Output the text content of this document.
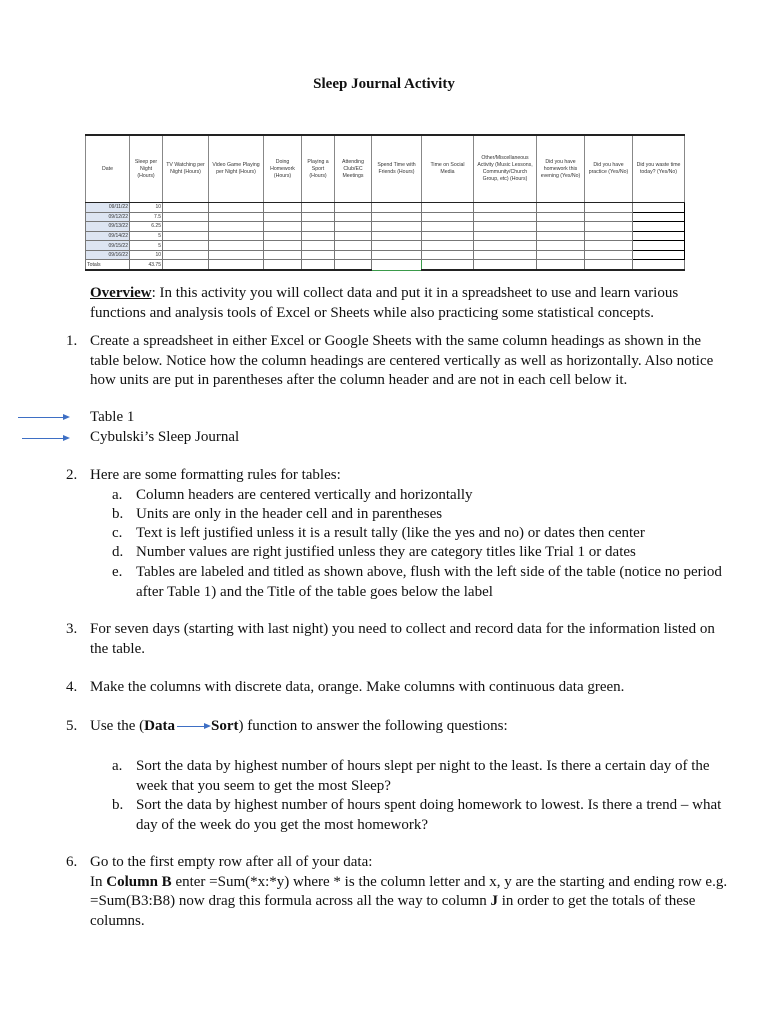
Sleep Journal Activity
Date	Sleep per Night (Hours)	TV Watching per Night (Hours)	Video Game Playing per Night (Hours)	Doing Homework (Hours)	Playing a Sport (Hours)	Attending Club/EC Meetings	Spend Time with Friends (Hours)	Time on Social Media	Other/Miscellaneous Activity (Music Lessons, Community/Church Group, etc) (Hours)	Did you have homework this evening (Yes/No)	Did you have practice (Yes/No)	Did you waste time today? (Yes/No)
09/11/22	10											
09/12/22	7.5											
09/13/22	6.25											
09/14/22	5											
09/15/22	5											
09/16/22	10											
Totals	43.75											
Overview: In this activity you will collect data and put it in a spreadsheet to use and learn various functions and analysis tools of Excel or Sheets while also practicing some statistical concepts.
1. Create a spreadsheet in either Excel or Google Sheets with the same column headings as shown in the table below. Notice how the column headings are centered vertically as well as horizontally. Also notice how units are put in parentheses after the column header and are not in each cell below it.
Table 1
Cybulski’s Sleep Journal
2. Here are some formatting rules for tables:
a. Column headers are centered vertically and horizontally
b. Units are only in the header cell and in parentheses
c. Text is left justified unless it is a result tally (like the yes and no) or dates then center
d. Number values are right justified unless they are category titles like Trial 1 or dates
e. Tables are labeled and titled as shown above, flush with the left side of the table (notice no period after Table 1) and the Title of the table goes below the label
3. For seven days (starting with last night) you need to collect and record data for the information listed on the table.
4. Make the columns with discrete data, orange. Make columns with continuous data green.
5. Use the (Data Sort) function to answer the following questions:
a. Sort the data by highest number of hours slept per night to the least. Is there a certain day of the week that you seem to get the most Sleep?
b. Sort the data by highest number of hours spent doing homework to lowest. Is there a trend – what day of the week do you get the most homework?
6. Go to the first empty row after all of your data:
In Column B enter =Sum(*x:*y) where * is the column letter and x, y are the starting and ending row e.g. =Sum(B3:B8) now drag this formula across all the way to column J in order to get the totals of these columns.
